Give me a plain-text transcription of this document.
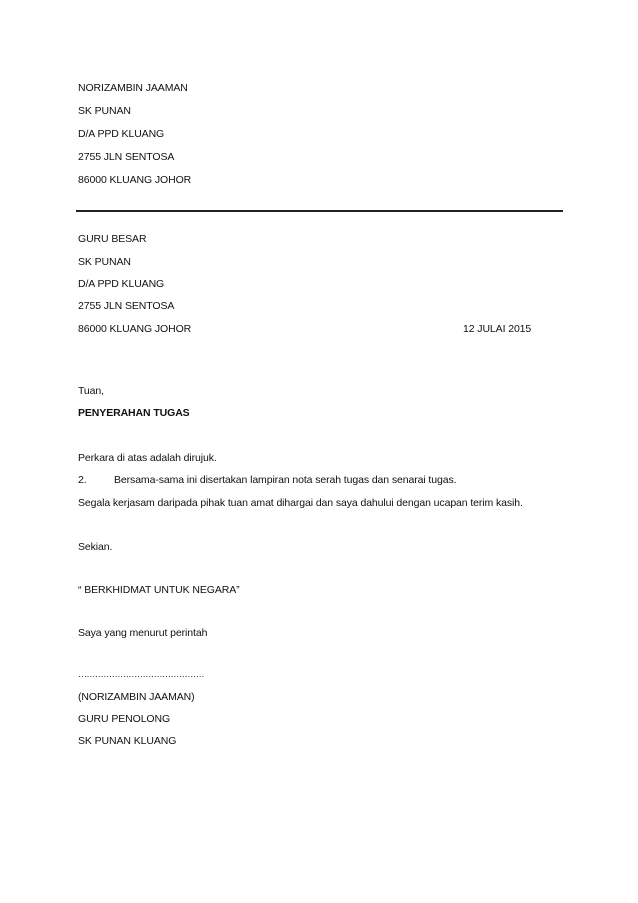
NORIZAMBIN JAAMAN
SK PUNAN
D/A PPD KLUANG
2755 JLN SENTOSA
86000 KLUANG JOHOR
GURU BESAR
SK PUNAN
D/A PPD KLUANG
2755 JLN SENTOSA
86000 KLUANG JOHOR	12 JULAI 2015
Tuan,
PENYERAHAN TUGAS
Perkara di atas adalah dirujuk.
2.	Bersama-sama ini disertakan lampiran nota serah tugas dan senarai tugas.
Segala kerjasam daripada pihak tuan amat dihargai dan saya dahului dengan ucapan terim kasih.
Sekian.
“ BERKHIDMAT UNTUK NEGARA”
Saya yang menurut perintah
………………………………………
(NORIZAMBIN JAAMAN)
GURU PENOLONG
SK PUNAN KLUANG
